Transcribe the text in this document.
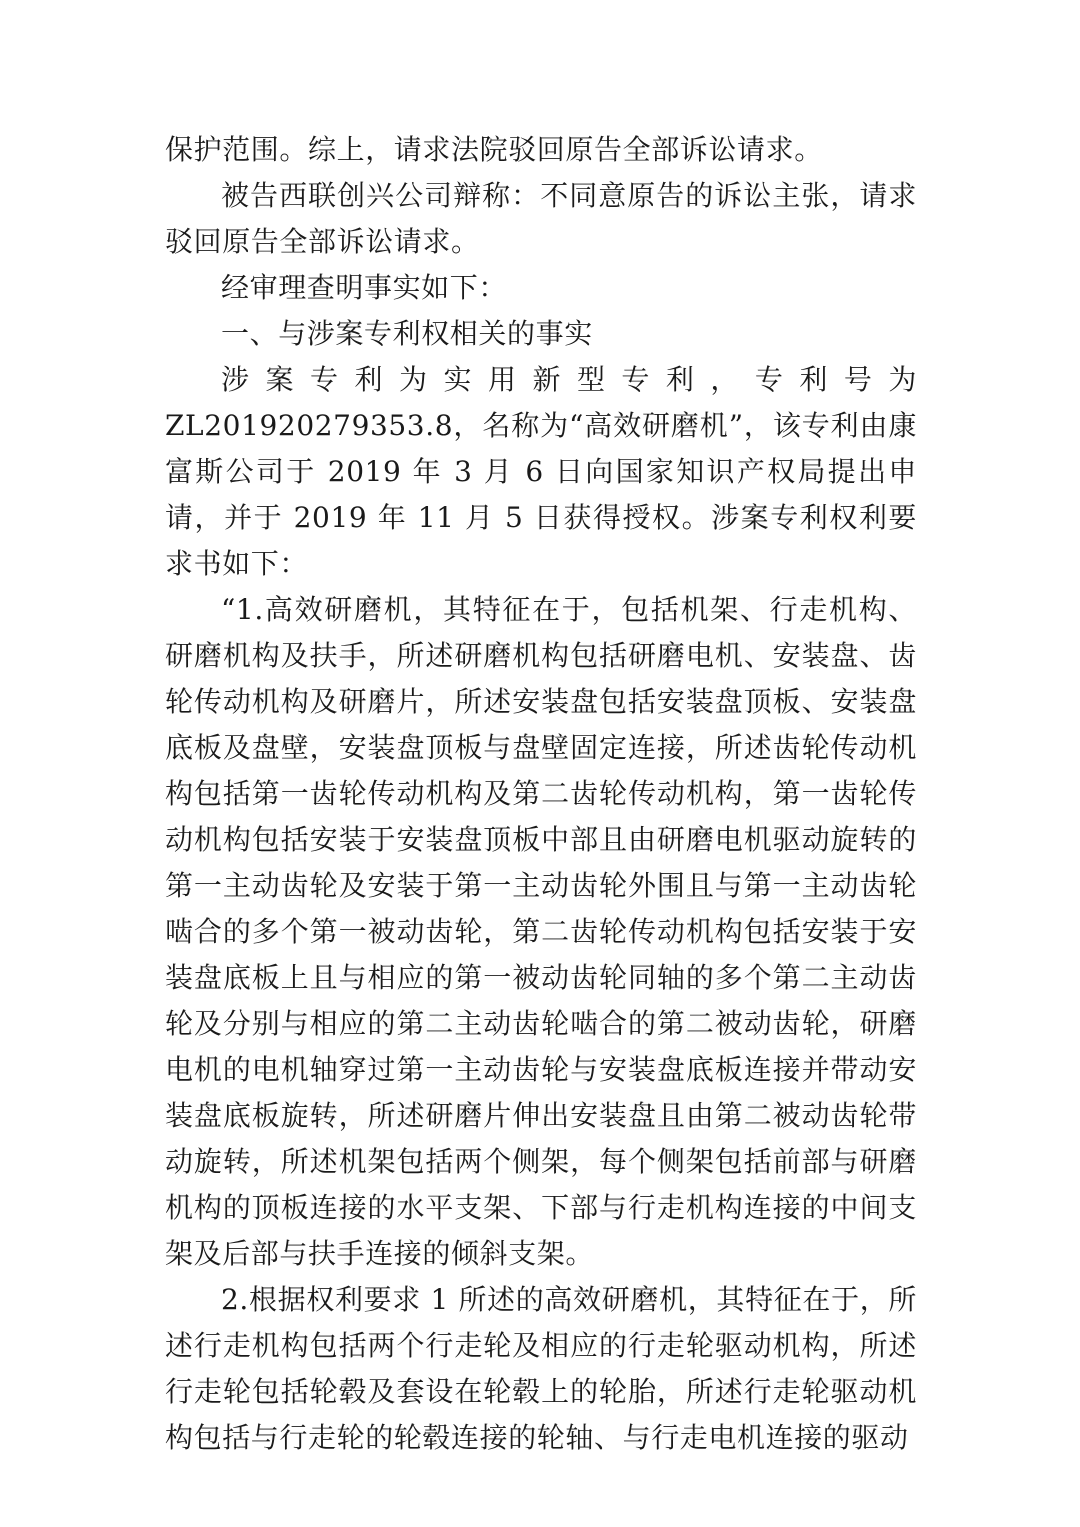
保护范围。综上，请求法院驳回原告全部诉讼请求。

被告西联创兴公司辩称：不同意原告的诉讼主张，请求驳回原告全部诉讼请求。

经审理查明事实如下：

一、与涉案专利权相关的事实

涉案专利为实用新型专利，专利号为 ZL201920279353.8，名称为“高效研磨机”，该专利由康富斯公司于 2019 年 3 月 6 日向国家知识产权局提出申请，并于 2019 年 11 月 5 日获得授权。涉案专利权利要求书如下：

“1.高效研磨机，其特征在于，包括机架、行走机构、研磨机构及扶手，所述研磨机构包括研磨电机、安装盘、齿轮传动机构及研磨片，所述安装盘包括安装盘顶板、安装盘底板及盘壁，安装盘顶板与盘壁固定连接，所述齿轮传动机构包括第一齿轮传动机构及第二齿轮传动机构，第一齿轮传动机构包括安装于安装盘顶板中部且由研磨电机驱动旋转的第一主动齿轮及安装于第一主动齿轮外围且与第一主动齿轮啮合的多个第一被动齿轮，第二齿轮传动机构包括安装于安装盘底板上且与相应的第一被动齿轮同轴的多个第二主动齿轮及分别与相应的第二主动齿轮啮合的第二被动齿轮，研磨电机的电机轴穿过第一主动齿轮与安装盘底板连接并带动安装盘底板旋转，所述研磨片伸出安装盘且由第二被动齿轮带动旋转，所述机架包括两个侧架，每个侧架包括前部与研磨机构的顶板连接的水平支架、下部与行走机构连接的中间支架及后部与扶手连接的倾斜支架。

2.根据权利要求 1 所述的高效研磨机，其特征在于，所述行走机构包括两个行走轮及相应的行走轮驱动机构，所述行走轮包括轮毂及套设在轮毂上的轮胎，所述行走轮驱动机构包括与行走轮的轮毂连接的轮轴、与行走电机连接的驱动
